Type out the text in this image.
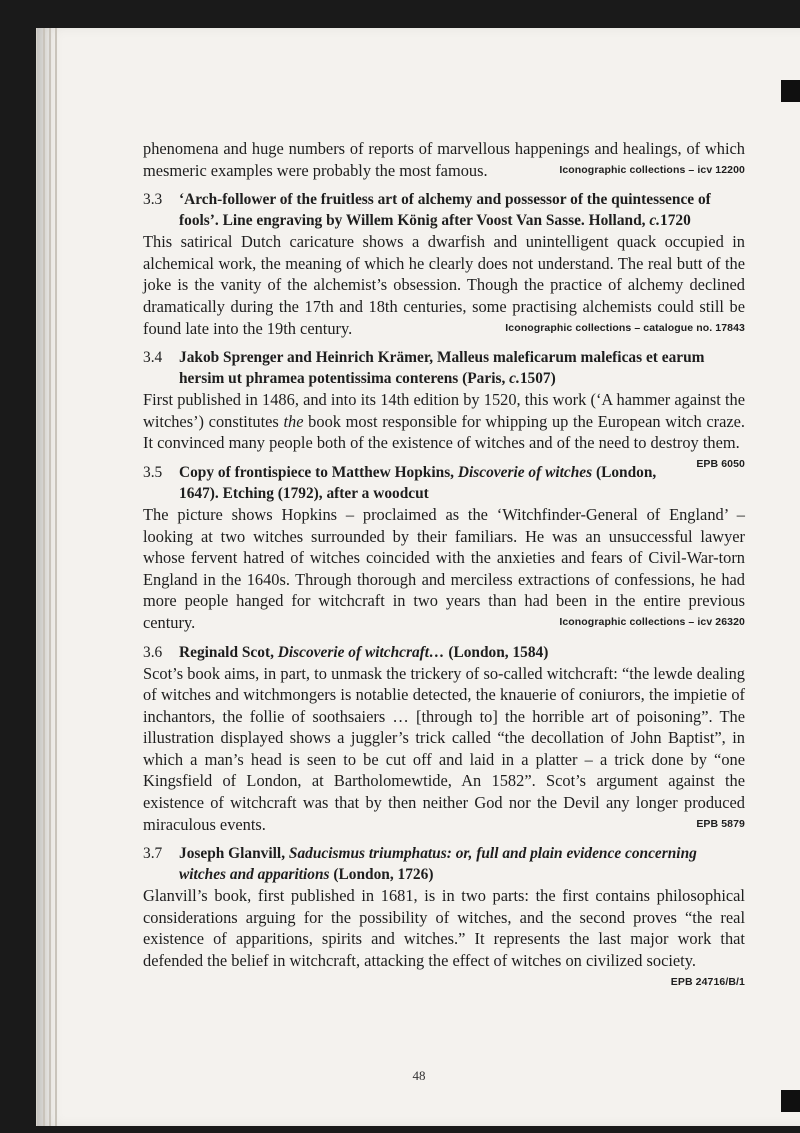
phenomena and huge numbers of reports of marvellous happenings and healings, of which mesmeric examples were probably the most famous.	Iconographic collections – icv 12200

3.3	‘Arch-follower of the fruitless art of alchemy and possessor of the quintessence of fools’. Line engraving by Willem König after Voost Van Sasse. Holland, c.1720

This satirical Dutch caricature shows a dwarfish and unintelligent quack occupied in alchemical work, the meaning of which he clearly does not understand. The real butt of the joke is the vanity of the alchemist’s obsession. Though the practice of alchemy declined dramatically during the 17th and 18th centuries, some practising alchemists could still be found late into the 19th century.	Iconographic collections – catalogue no. 17843

3.4	Jakob Sprenger and Heinrich Krämer, Malleus maleficarum maleficas et earum hersim ut phramea potentissima conterens (Paris, c.1507)

First published in 1486, and into its 14th edition by 1520, this work (‘A hammer against the witches’) constitutes the book most responsible for whipping up the European witch craze. It convinced many people both of the existence of witches and of the need to destroy them.
EPB 6050

3.5	Copy of frontispiece to Matthew Hopkins, Discoverie of witches (London, 1647). Etching (1792), after a woodcut

The picture shows Hopkins – proclaimed as the ‘Witchfinder-General of England’ – looking at two witches surrounded by their familiars. He was an unsuccessful lawyer whose fervent hatred of witches coincided with the anxieties and fears of Civil-War-torn England in the 1640s. Through thorough and merciless extractions of confessions, he had more people hanged for witchcraft in two years than had been in the entire previous century.	Iconographic collections – icv 26320

3.6	Reginald Scot, Discoverie of witchcraft… (London, 1584)

Scot’s book aims, in part, to unmask the trickery of so-called witchcraft: “the lewde dealing of witches and witchmongers is notablie detected, the knauerie of coniurors, the impietie of inchantors, the follie of soothsaiers … [through to] the horrible art of poisoning”. The illustration displayed shows a juggler’s trick called “the decollation of John Baptist”, in which a man’s head is seen to be cut off and laid in a platter – a trick done by “one Kingsfield of London, at Bartholomewtide, An 1582”. Scot’s argument against the existence of witchcraft was that by then neither God nor the Devil any longer produced miraculous events.	EPB 5879

3.7	Joseph Glanvill, Saducismus triumphatus: or, full and plain evidence concerning witches and apparitions (London, 1726)

Glanvill’s book, first published in 1681, is in two parts: the first contains philosophical considerations arguing for the possibility of witches, and the second proves “the real existence of apparitions, spirits and witches.” It represents the last major work that defended the belief in witchcraft, attacking the effect of witches on civilized society.
EPB 24716/B/1

48
